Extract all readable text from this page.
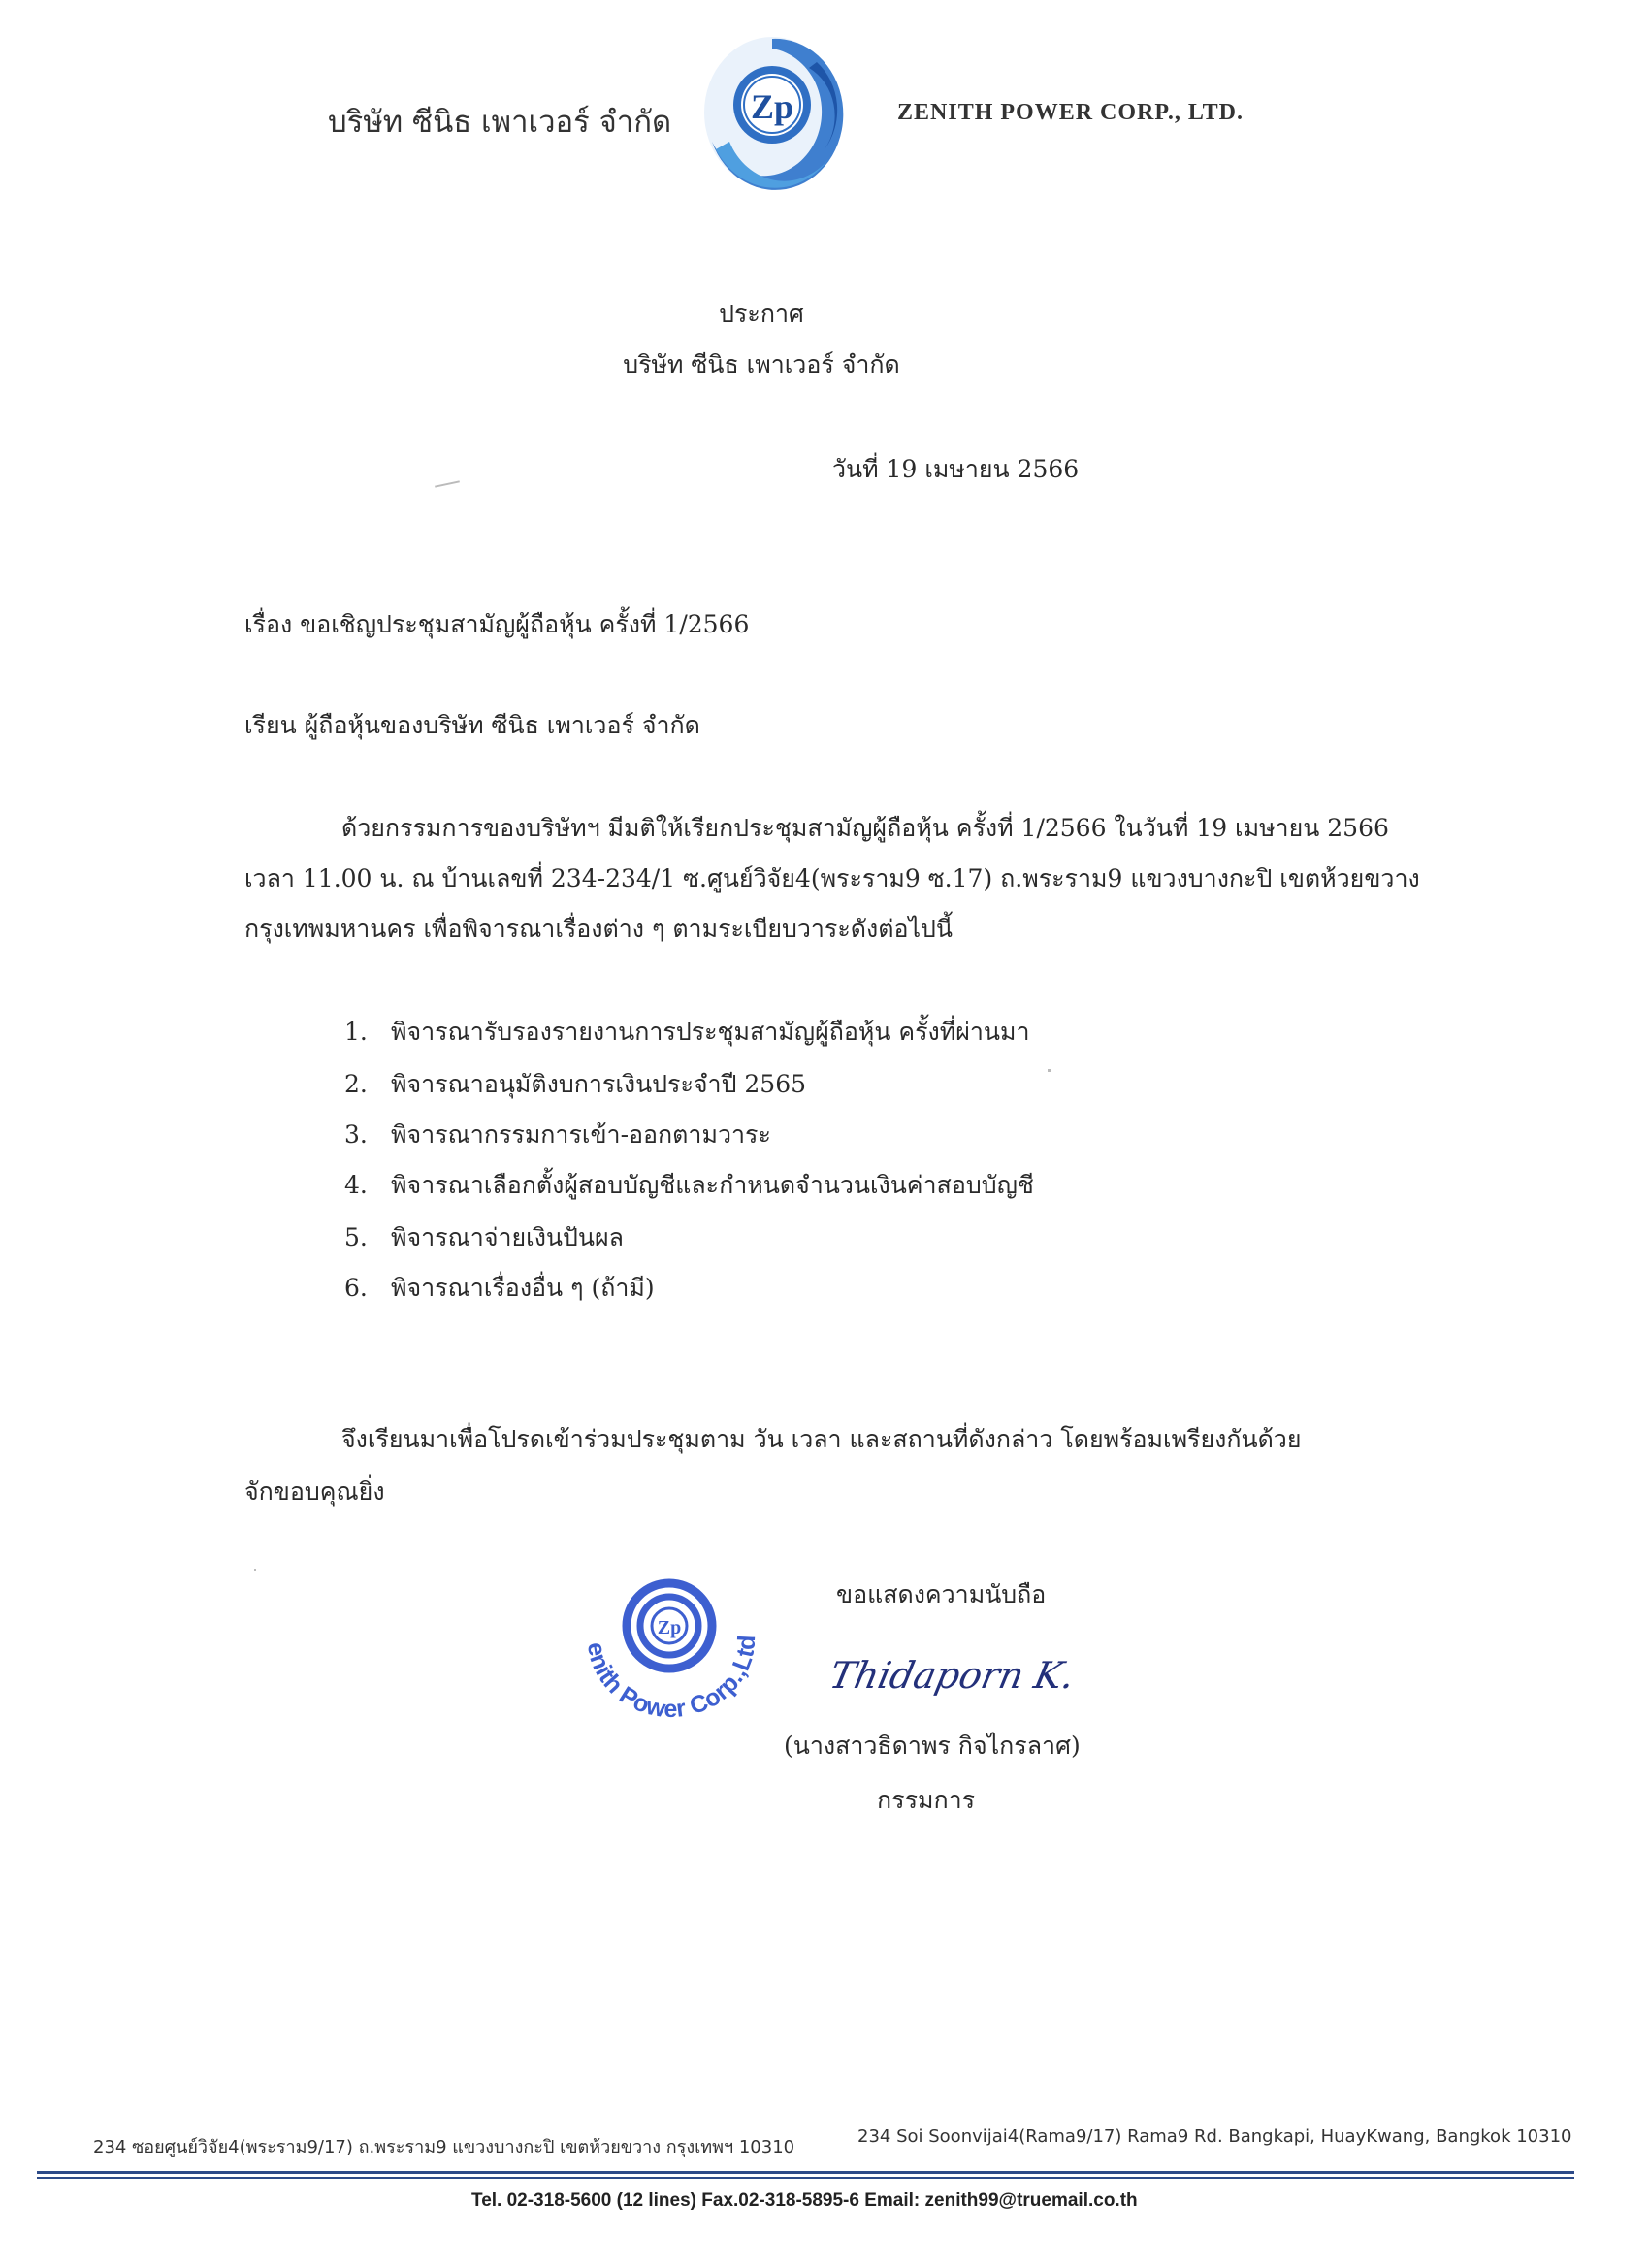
บริษัท ซีนิธ เพาเวอร์ จำกัด Zp	ZENITH POWER CORP., LTD.
ประกาศ
บริษัท ซีนิธ เพาเวอร์ จำกัด
วันที่ 19 เมษายน 2566
เรื่อง ขอเชิญประชุมสามัญผู้ถือหุ้น ครั้งที่ 1/2566
เรียน ผู้ถือหุ้นของบริษัท ซีนิธ เพาเวอร์ จำกัด
ด้วยกรรมการของบริษัทฯ มีมติให้เรียกประชุมสามัญผู้ถือหุ้น ครั้งที่ 1/2566 ในวันที่ 19 เมษายน 2566
เวลา 11.00 น. ณ บ้านเลขที่ 234-234/1 ซ.ศูนย์วิจัย4(พระราม9 ซ.17) ถ.พระราม9 แขวงบางกะปิ เขตห้วยขวาง
กรุงเทพมหานคร เพื่อพิจารณาเรื่องต่าง ๆ ตามระเบียบวาระดังต่อไปนี้
1. พิจารณารับรองรายงานการประชุมสามัญผู้ถือหุ้น ครั้งที่ผ่านมา
2. พิจารณาอนุมัติงบการเงินประจำปี 2565
3. พิจารณากรรมการเข้า-ออกตามวาระ
4. พิจารณาเลือกตั้งผู้สอบบัญชีและกำหนดจำนวนเงินค่าสอบบัญชี
5. พิจารณาจ่ายเงินปันผล
6. พิจารณาเรื่องอื่น ๆ (ถ้ามี)
จึงเรียนมาเพื่อโปรดเข้าร่วมประชุมตาม วัน เวลา และสถานที่ดังกล่าว โดยพร้อมเพรียงกันด้วย
จักขอบคุณยิ่ง
ขอแสดงความนับถือ
Zp
enith Power Corp.,Ltd
Thidaporn K.
(นางสาวธิดาพร กิจไกรลาศ)
กรรมการ
234 ซอยศูนย์วิจัย4(พระราม9/17) ถ.พระราม9 แขวงบางกะปิ เขตห้วยขวาง กรุงเทพฯ 10310
234 Soi Soonvijai4(Rama9/17) Rama9 Rd. Bangkapi, HuayKwang, Bangkok 10310
Tel. 02-318-5600 (12 lines) Fax.02-318-5895-6 Email: zenith99@truemail.co.th
